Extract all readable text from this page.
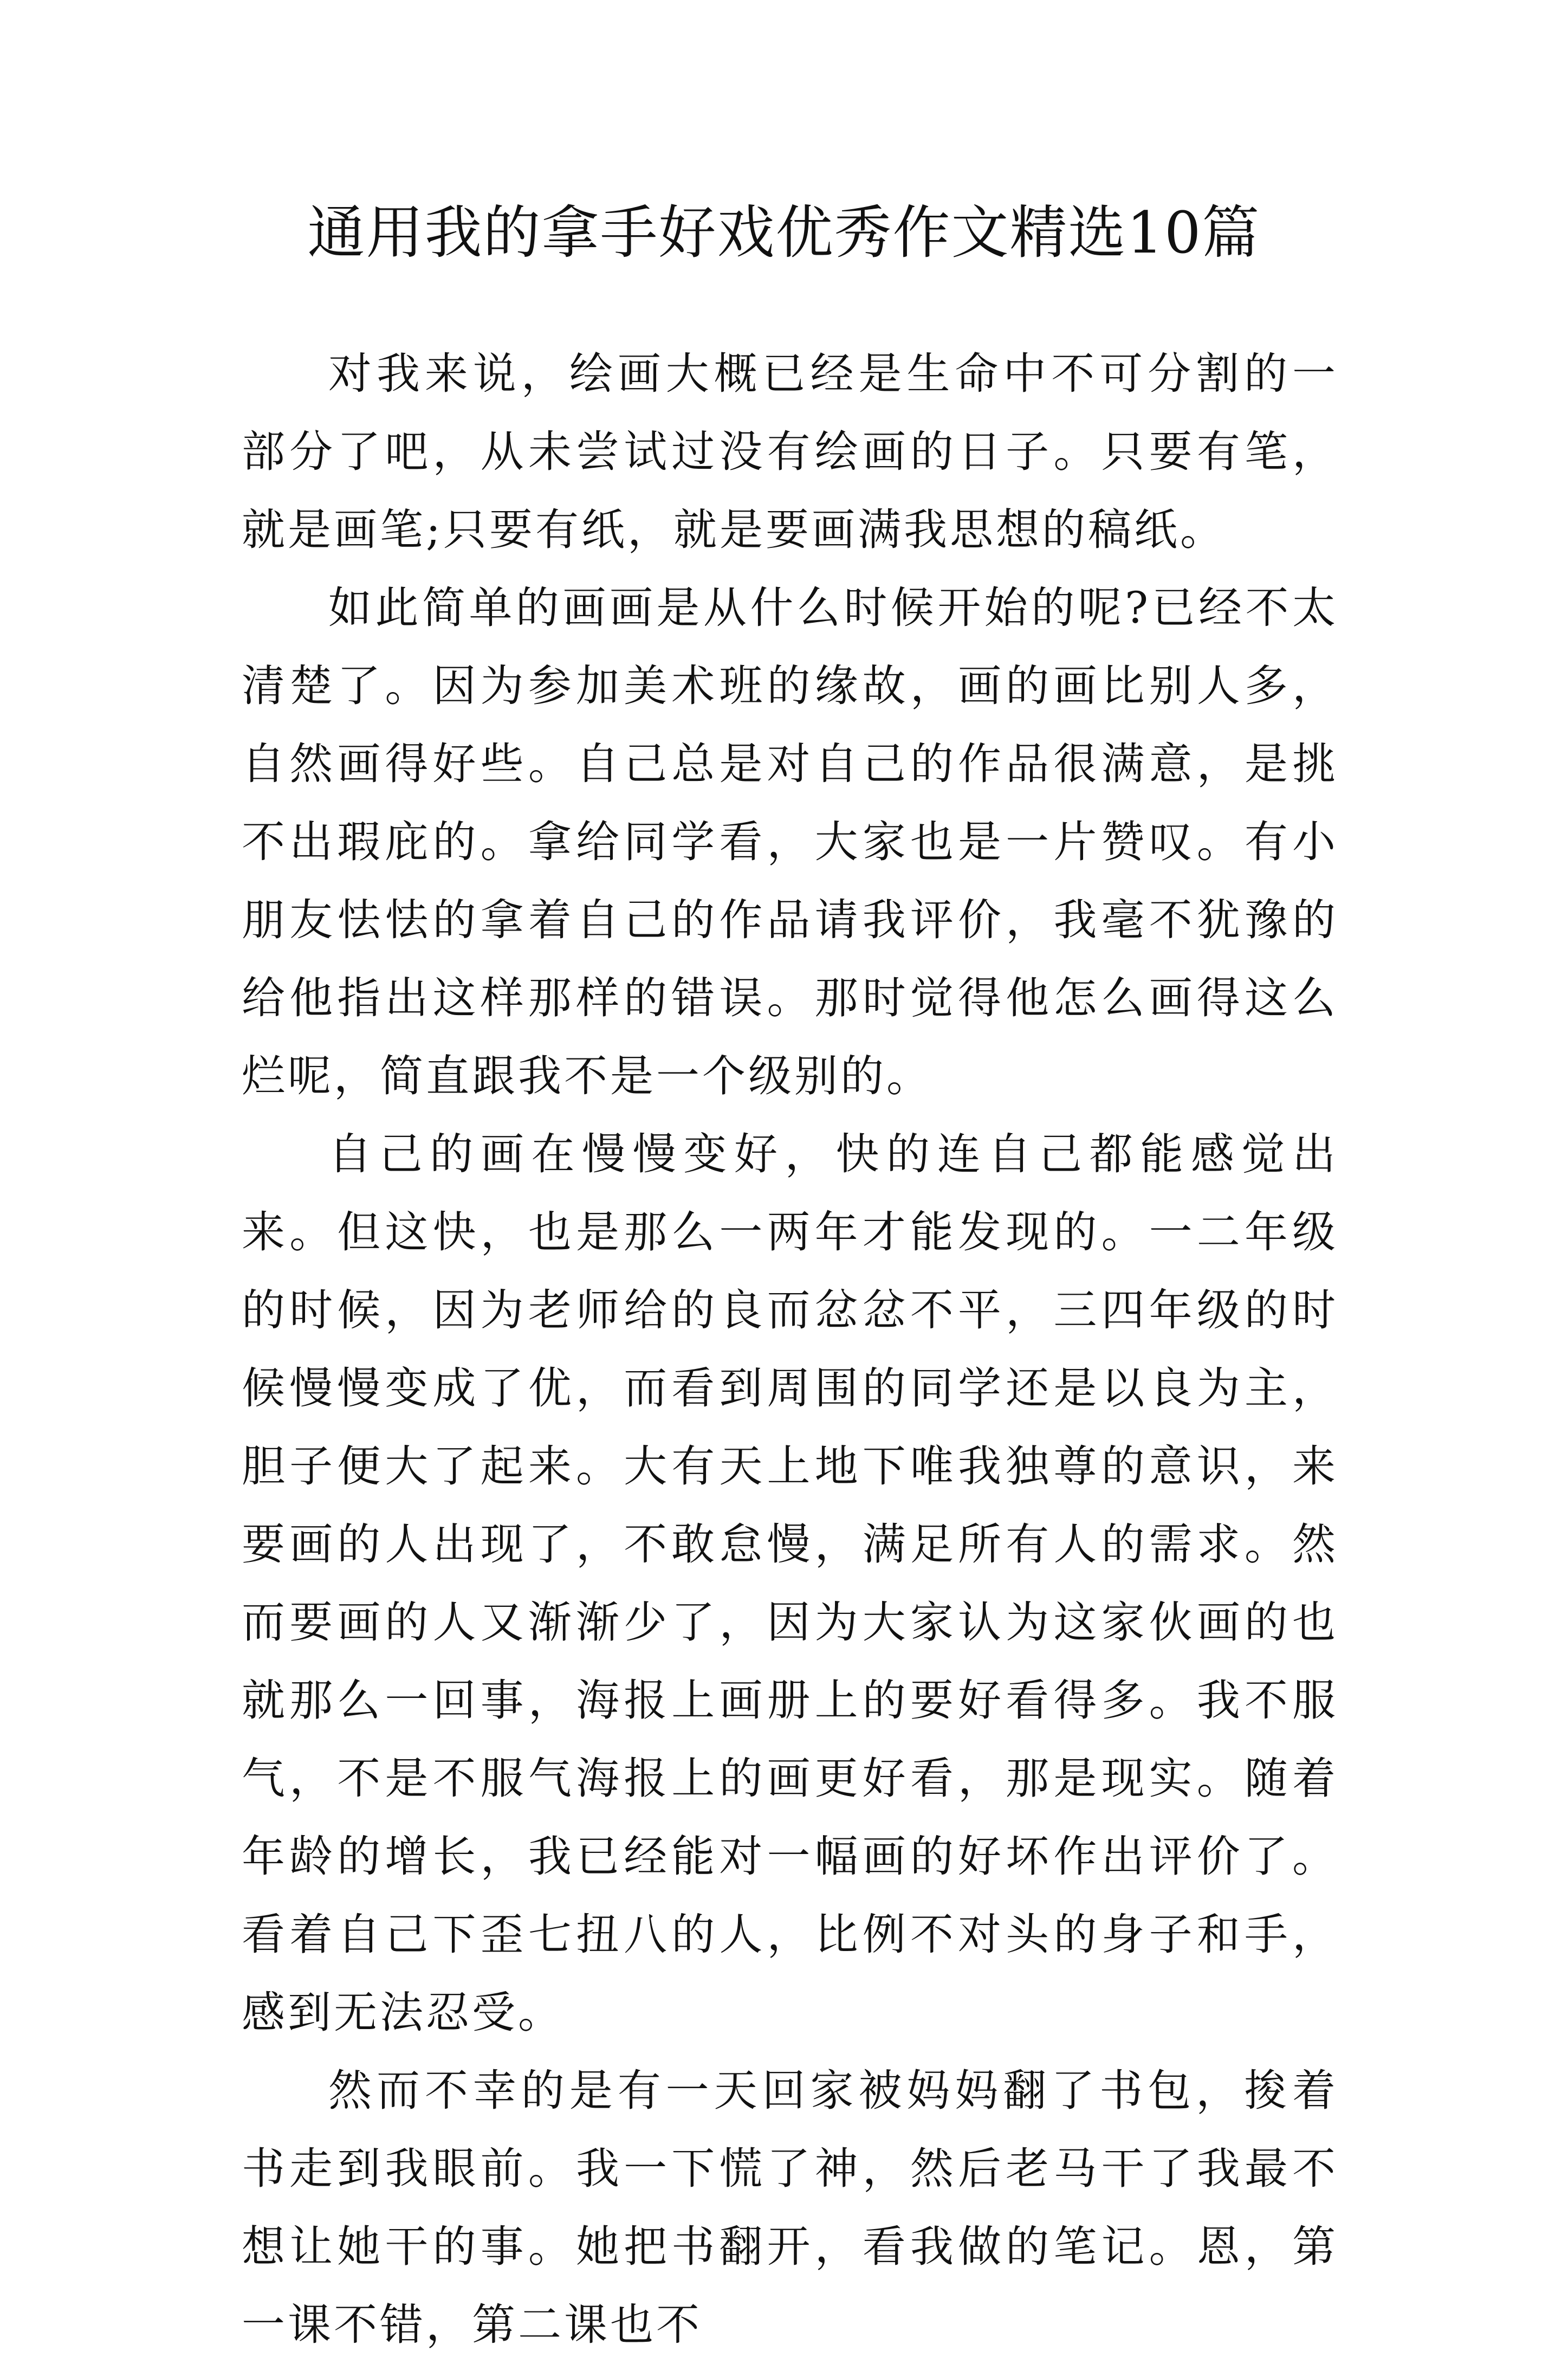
通用我的拿手好戏优秀作文精选10篇

对我来说，绘画大概已经是生命中不可分割的一部分了吧，从未尝试过没有绘画的日子。只要有笔，就是画笔;只要有纸，就是要画满我思想的稿纸。

如此简单的画画是从什么时候开始的呢?已经不太清楚了。因为参加美术班的缘故，画的画比别人多，自然画得好些。自己总是对自己的作品很满意，是挑不出瑕庇的。拿给同学看，大家也是一片赞叹。有小朋友怯怯的拿着自己的作品请我评价，我毫不犹豫的给他指出这样那样的错误。那时觉得他怎么画得这么烂呢，简直跟我不是一个级别的。

自己的画在慢慢变好，快的连自己都能感觉出来。但这快，也是那么一两年才能发现的。一二年级的时候，因为老师给的良而忿忿不平，三四年级的时候慢慢变成了优，而看到周围的同学还是以良为主，胆子便大了起来。大有天上地下唯我独尊的意识，来要画的人出现了，不敢怠慢，满足所有人的需求。然而要画的人又渐渐少了，因为大家认为这家伙画的也就那么一回事，海报上画册上的要好看得多。我不服气，不是不服气海报上的画更好看，那是现实。随着年龄的增长，我已经能对一幅画的好坏作出评价了。看着自己下歪七扭八的人，比例不对头的身子和手，感到无法忍受。

然而不幸的是有一天回家被妈妈翻了书包，捘着书走到我眼前。我一下慌了神，然后老马干了我最不想让她干的事。她把书翻开，看我做的笔记。恩，第一课不错，第二课也不
